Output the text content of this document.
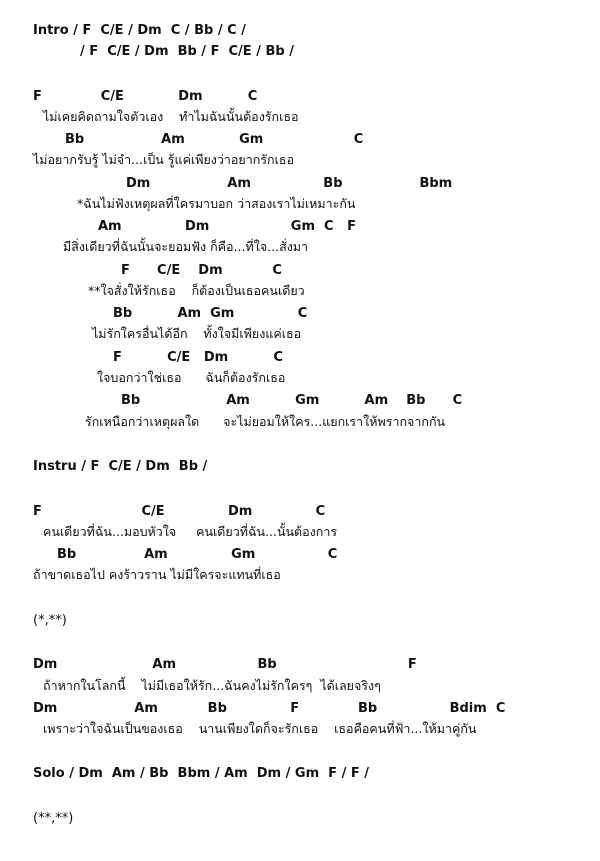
Intro / F  C/E / Dm  C / Bb / C /
/ F  C/E / Dm  Bb / F  C/E / Bb /
F             C/E            Dm          C
ไม่เคยคิดถามใจตัวเอง    ทำไมฉันนั้นต้องรักเธอ
Bb                 Am            Gm                    C
ไม่อยากรับรู้ ไม่จำ...เป็น รู้แค่เพียงว่าอยากรักเธอ
Dm                 Am                Bb                 Bbm
*ฉันไม่ฟังเหตุผลที่ใครมาบอก ว่าสองเราไม่เหมาะกัน
Am              Dm                  Gm  C   F
มีสิ่งเดียวที่ฉันนั้นจะยอมฟัง ก็คือ...ที่ใจ...สั่งมา
F      C/E    Dm           C
**ใจสั่งให้รักเธอ    ก็ต้องเป็นเธอคนเดียว
Bb          Am  Gm              C
ไม่รักใครอื่นได้อีก    ทั้งใจมีเพียงแค่เธอ
F          C/E   Dm          C
ใจบอกว่าใช่เธอ      ฉันก็ต้องรักเธอ
Bb                   Am          Gm          Am    Bb      C
รักเหนือกว่าเหตุผลใด      จะไม่ยอมให้ใคร...แยกเราให้พรากจากกัน
Instru / F  C/E / Dm  Bb /
F                      C/E              Dm              C
คนเดียวที่ฉัน...มอบหัวใจ     คนเดียวที่ฉัน...นั้นต้องการ
Bb               Am              Gm                C
ถ้าขาดเธอไป คงร้าวราน ไม่มีใครจะแทนที่เธอ
(*,**)
Dm                     Am                  Bb                             F
ถ้าหากในโลกนี้    ไม่มีเธอให้รัก...ฉันคงไม่รักใครๆ  ได้เลยจริงๆ
Dm                 Am           Bb              F             Bb                Bdim  C
เพราะว่าใจฉันเป็นของเธอ    นานเพียงใดก็จะรักเธอ    เธอคือคนที่ฟ้า...ให้มาคู่กัน
Solo / Dm  Am / Bb  Bbm / Am  Dm / Gm  F / F /
(**,**)
